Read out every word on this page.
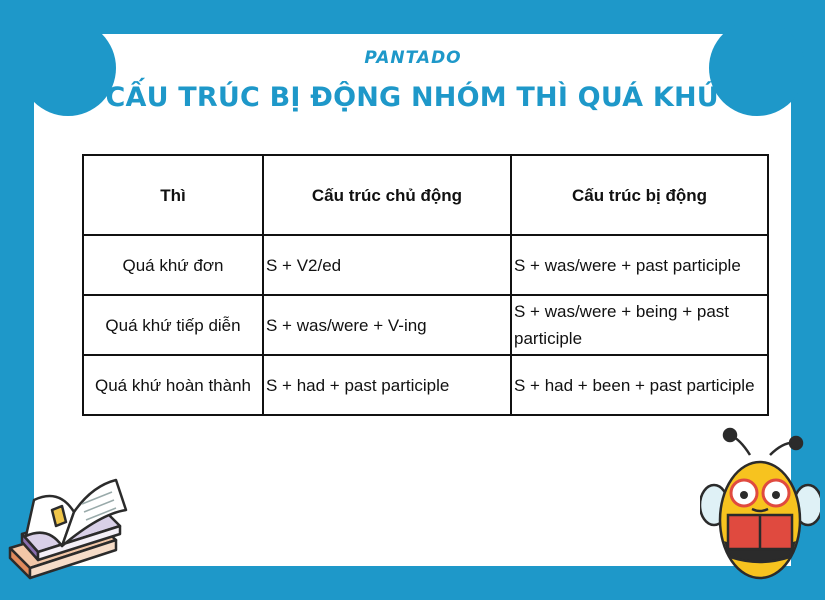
PANTADO
CẤU TRÚC BỊ ĐỘNG NHÓM THÌ QUÁ KHỨ
Thì	Cấu trúc chủ động	Cấu trúc bị động
Quá khứ đơn	S + V2/ed	S + was/were + past participle
Quá khứ tiếp diễn	S + was/were + V-ing	S + was/were + being + past participle
Quá khứ hoàn thành	S + had + past participle	S + had + been + past participle
